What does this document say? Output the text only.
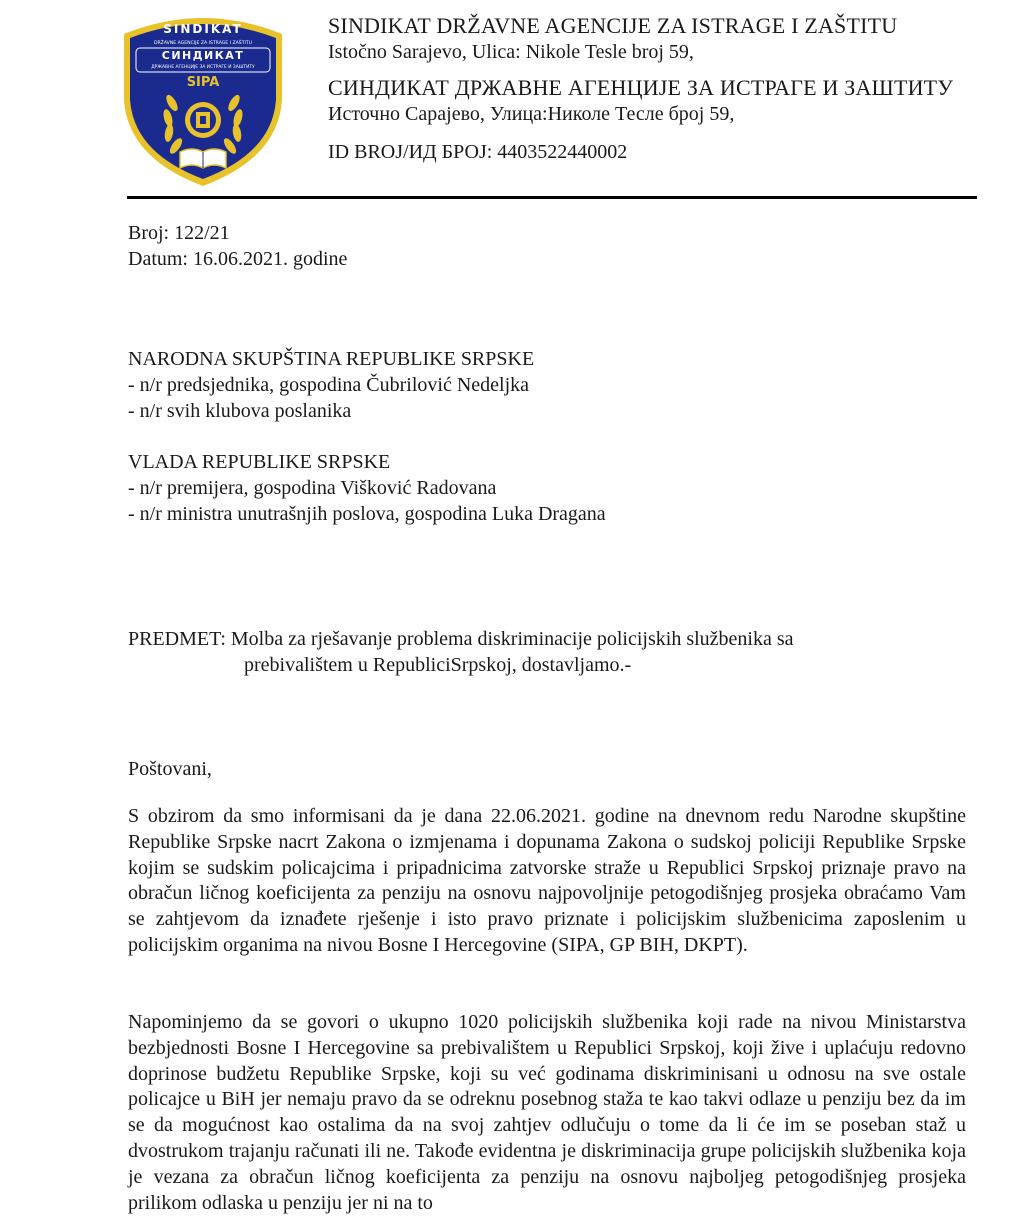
SINDIKAT
DRŽAVNE AGENCIJE ZA ISTRAGE I ZAŠTITU
СИНДИКАТ
ДРЖАВНЕ АГЕНЦИЈЕ ЗА ИСТРАГЕ И ЗАШТИТУ
SIPA
SINDIKAT DRŽAVNE AGENCIJE ZA ISTRAGE I ZAŠTITU
Istočno Sarajevo, Ulica: Nikole Tesle broj 59,
СИНДИКАТ ДРЖАВНЕ АГЕНЦИЈЕ ЗА ИСТРАГЕ И ЗАШТИТУ
Источно Сарајево, Улица:Николе Тесле број 59,
ID BROJ/ИД БРОЈ: 4403522440002
Broj: 122/21
Datum: 16.06.2021. godine
NARODNA SKUPŠTINA REPUBLIKE SRPSKE
- n/r predsjednika, gospodina Čubrilović Nedeljka
- n/r svih klubova poslanika
VLADA REPUBLIKE SRPSKE
- n/r premijera, gospodina Višković Radovana
- n/r ministra unutrašnjih poslova, gospodina Luka Dragana
PREDMET: Molba za rješavanje problema diskriminacije policijskih službenika sa
prebivalištem u RepubliciSrpskoj, dostavljamo.-
Poštovani,
S obzirom da smo informisani da je dana 22.06.2021. godine na dnevnom redu Narodne skupštine Republike Srpske nacrt Zakona o izmjenama i dopunama Zakona o sudskoj policiji Republike Srpske kojim se sudskim policajcima i pripadnicima zatvorske straže u Republici Srpskoj priznaje pravo na obračun ličnog koeficijenta za penziju na osnovu najpovoljnije petogodišnjeg prosjeka obraćamo Vam se zahtjevom da iznađete rješenje i isto pravo priznate i policijskim službenicima zaposlenim u policijskim organima na nivou Bosne I Hercegovine (SIPA, GP BIH, DKPT).
Napominjemo da se govori o ukupno 1020 policijskih službenika koji rade na nivou Ministarstva bezbjednosti Bosne I Hercegovine sa prebivalištem u Republici Srpskoj, koji žive i uplaćuju redovno doprinose budžetu Republike Srpske, koji su već godinama diskriminisani u odnosu na sve ostale policajce u BiH jer nemaju pravo da se odreknu posebnog staža te kao takvi odlaze u penziju bez da im se da mogućnost kao ostalima da na svoj zahtjev odlučuju o tome da li će im se poseban staž u dvostrukom trajanju računati ili ne. Takođe evidentna je diskriminacija grupe policijskih službenika koja je vezana za obračun ličnog koeficijenta za penziju na osnovu najboljeg petogodišnjeg prosjeka prilikom odlaska u penziju jer ni na to
